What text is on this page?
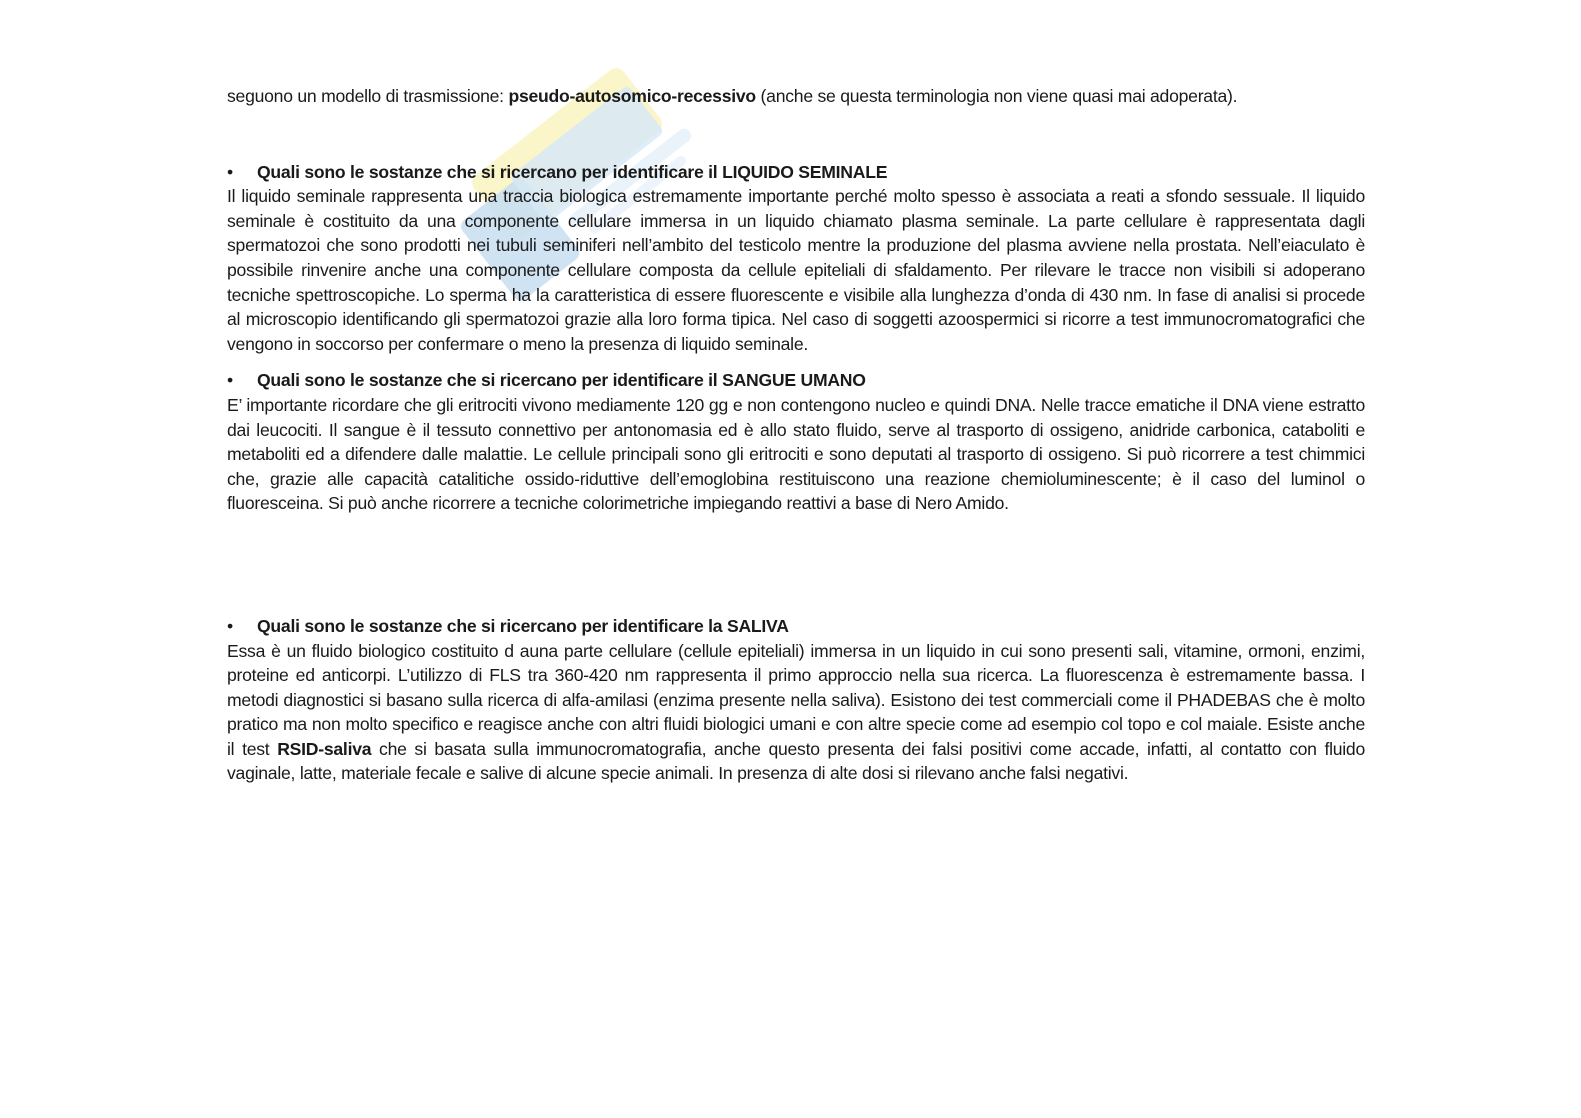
seguono un modello di trasmissione: pseudo-autosomico-recessivo (anche se questa terminologia non viene quasi mai adoperata).

• Quali sono le sostanze che si ricercano per identificare il LIQUIDO SEMINALE

Il liquido seminale rappresenta una traccia biologica estremamente importante perché molto spesso è associata a reati a sfondo sessuale. Il liquido seminale è costituito da una componente cellulare immersa in un liquido chiamato plasma seminale. La parte cellulare è rappresentata dagli spermatozoi che sono prodotti nei tubuli seminiferi nell’ambito del testicolo mentre la produzione del plasma avviene nella prostata. Nell’eiaculato è possibile rinvenire anche una componente cellulare composta da cellule epiteliali di sfaldamento. Per rilevare le tracce non visibili si adoperano tecniche spettroscopiche. Lo sperma ha la caratteristica di essere fluorescente e visibile alla lunghezza d’onda di 430 nm. In fase di analisi si procede al microscopio identificando gli spermatozoi grazie alla loro forma tipica. Nel caso di soggetti azoospermici si ricorre a test immunocromatografici che vengono in soccorso per confermare o meno la presenza di liquido seminale.

• Quali sono le sostanze che si ricercano per identificare il SANGUE UMANO

E’ importante ricordare che gli eritrociti vivono mediamente 120 gg e non contengono nucleo e quindi DNA. Nelle tracce ematiche il DNA viene estratto dai leucociti. Il sangue è il tessuto connettivo per antonomasia ed è allo stato fluido, serve al trasporto di ossigeno, anidride carbonica, cataboliti e metaboliti ed a difendere dalle malattie. Le cellule principali sono gli eritrociti e sono deputati al trasporto di ossigeno. Si può ricorrere a test chimmici che, grazie alle capacità catalitiche ossido-riduttive dell’emoglobina restituiscono una reazione chemioluminescente; è il caso del luminol o fluoresceina. Si può anche ricorrere a tecniche colorimetriche impiegando reattivi a base di Nero Amido.

• Quali sono le sostanze che si ricercano per identificare la SALIVA

Essa è un fluido biologico costituito d auna parte cellulare (cellule epiteliali) immersa in un liquido in cui sono presenti sali, vitamine, ormoni, enzimi, proteine ed anticorpi. L’utilizzo di FLS tra 360-420 nm rappresenta il primo approccio nella sua ricerca. La fluorescenza è estremamente bassa. I metodi diagnostici si basano sulla ricerca di alfa-amilasi (enzima presente nella saliva). Esistono dei test commerciali come il PHADEBAS che è molto pratico ma non molto specifico e reagisce anche con altri fluidi biologici umani e con altre specie come ad esempio col topo e col maiale. Esiste anche il test RSID-saliva che si basata sulla immunocromatografia, anche questo presenta dei falsi positivi come accade, infatti, al contatto con fluido vaginale, latte, materiale fecale e salive di alcune specie animali. In presenza di alte dosi si rilevano anche falsi negativi.
